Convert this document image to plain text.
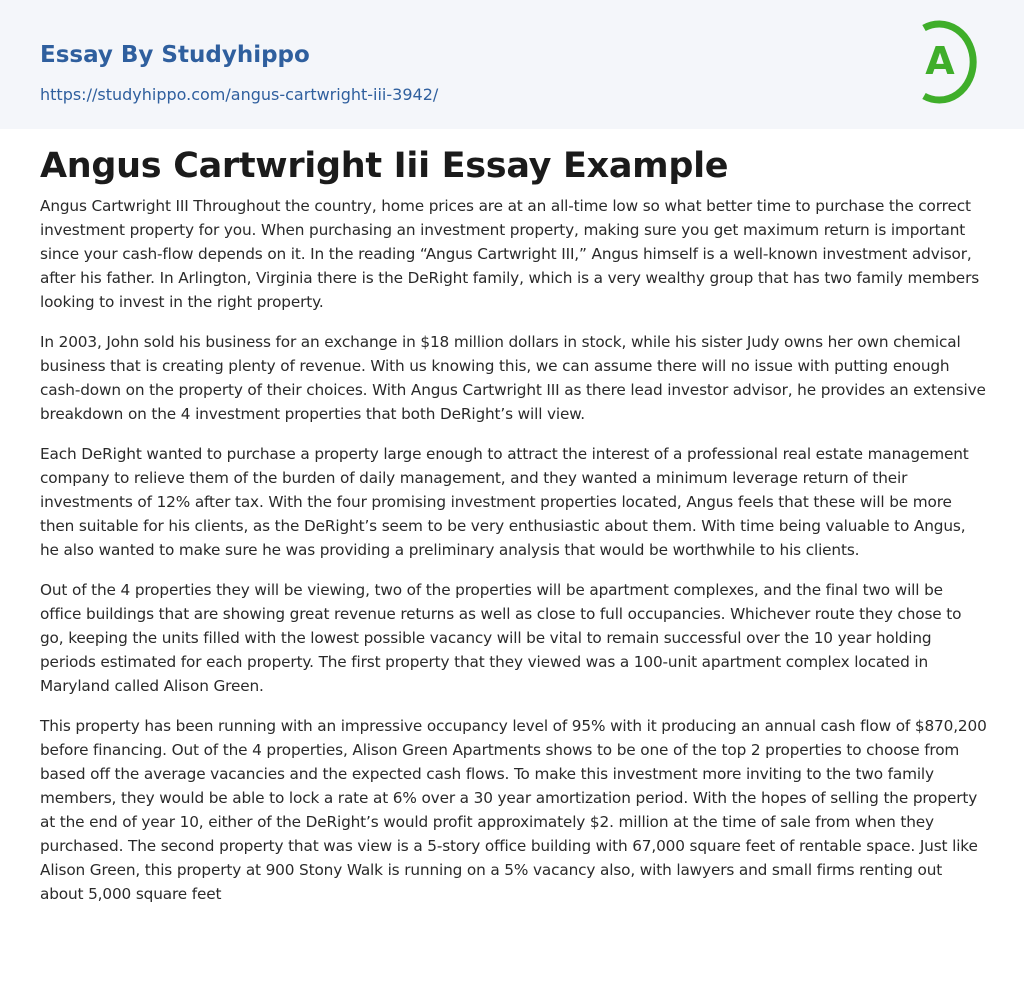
Essay By Studyhippo
https://studyhippo.com/angus-cartwright-iii-3942/
A
Angus Cartwright Iii Essay Example

Angus Cartwright III Throughout the country, home prices are at an all-time low so what better time to purchase the correct investment property for you. When purchasing an investment property, making sure you get maximum return is important since your cash-flow depends on it. In the reading “Angus Cartwright III,” Angus himself is a well-known investment advisor, after his father. In Arlington, Virginia there is the DeRight family, which is a very wealthy group that has two family members looking to invest in the right property.

In 2003, John sold his business for an exchange in $18 million dollars in stock, while his sister Judy owns her own chemical business that is creating plenty of revenue. With us knowing this, we can assume there will no issue with putting enough cash-down on the property of their choices. With Angus Cartwright III as there lead investor advisor, he provides an extensive breakdown on the 4 investment properties that both DeRight’s will view.

Each DeRight wanted to purchase a property large enough to attract the interest of a professional real estate management company to relieve them of the burden of daily management, and they wanted a minimum leverage return of their investments of 12% after tax. With the four promising investment properties located, Angus feels that these will be more then suitable for his clients, as the DeRight’s seem to be very enthusiastic about them. With time being valuable to Angus, he also wanted to make sure he was providing a preliminary analysis that would be worthwhile to his clients.

Out of the 4 properties they will be viewing, two of the properties will be apartment complexes, and the final two will be office buildings that are showing great revenue returns as well as close to full occupancies. Whichever route they chose to go, keeping the units filled with the lowest possible vacancy will be vital to remain successful over the 10 year holding periods estimated for each property. The first property that they viewed was a 100-unit apartment complex located in Maryland called Alison Green.

This property has been running with an impressive occupancy level of 95% with it producing an annual cash flow of $870,200 before financing. Out of the 4 properties, Alison Green Apartments shows to be one of the top 2 properties to choose from based off the average vacancies and the expected cash flows. To make this investment more inviting to the two family members, they would be able to lock a rate at 6% over a 30 year amortization period. With the hopes of selling the property at the end of year 10, either of the DeRight’s would profit approximately $2. million at the time of sale from when they purchased. The second property that was view is a 5-story office building with 67,000 square feet of rentable space. Just like Alison Green, this property at 900 Stony Walk is running on a 5% vacancy also, with lawyers and small firms renting out about 5,000 square feet
